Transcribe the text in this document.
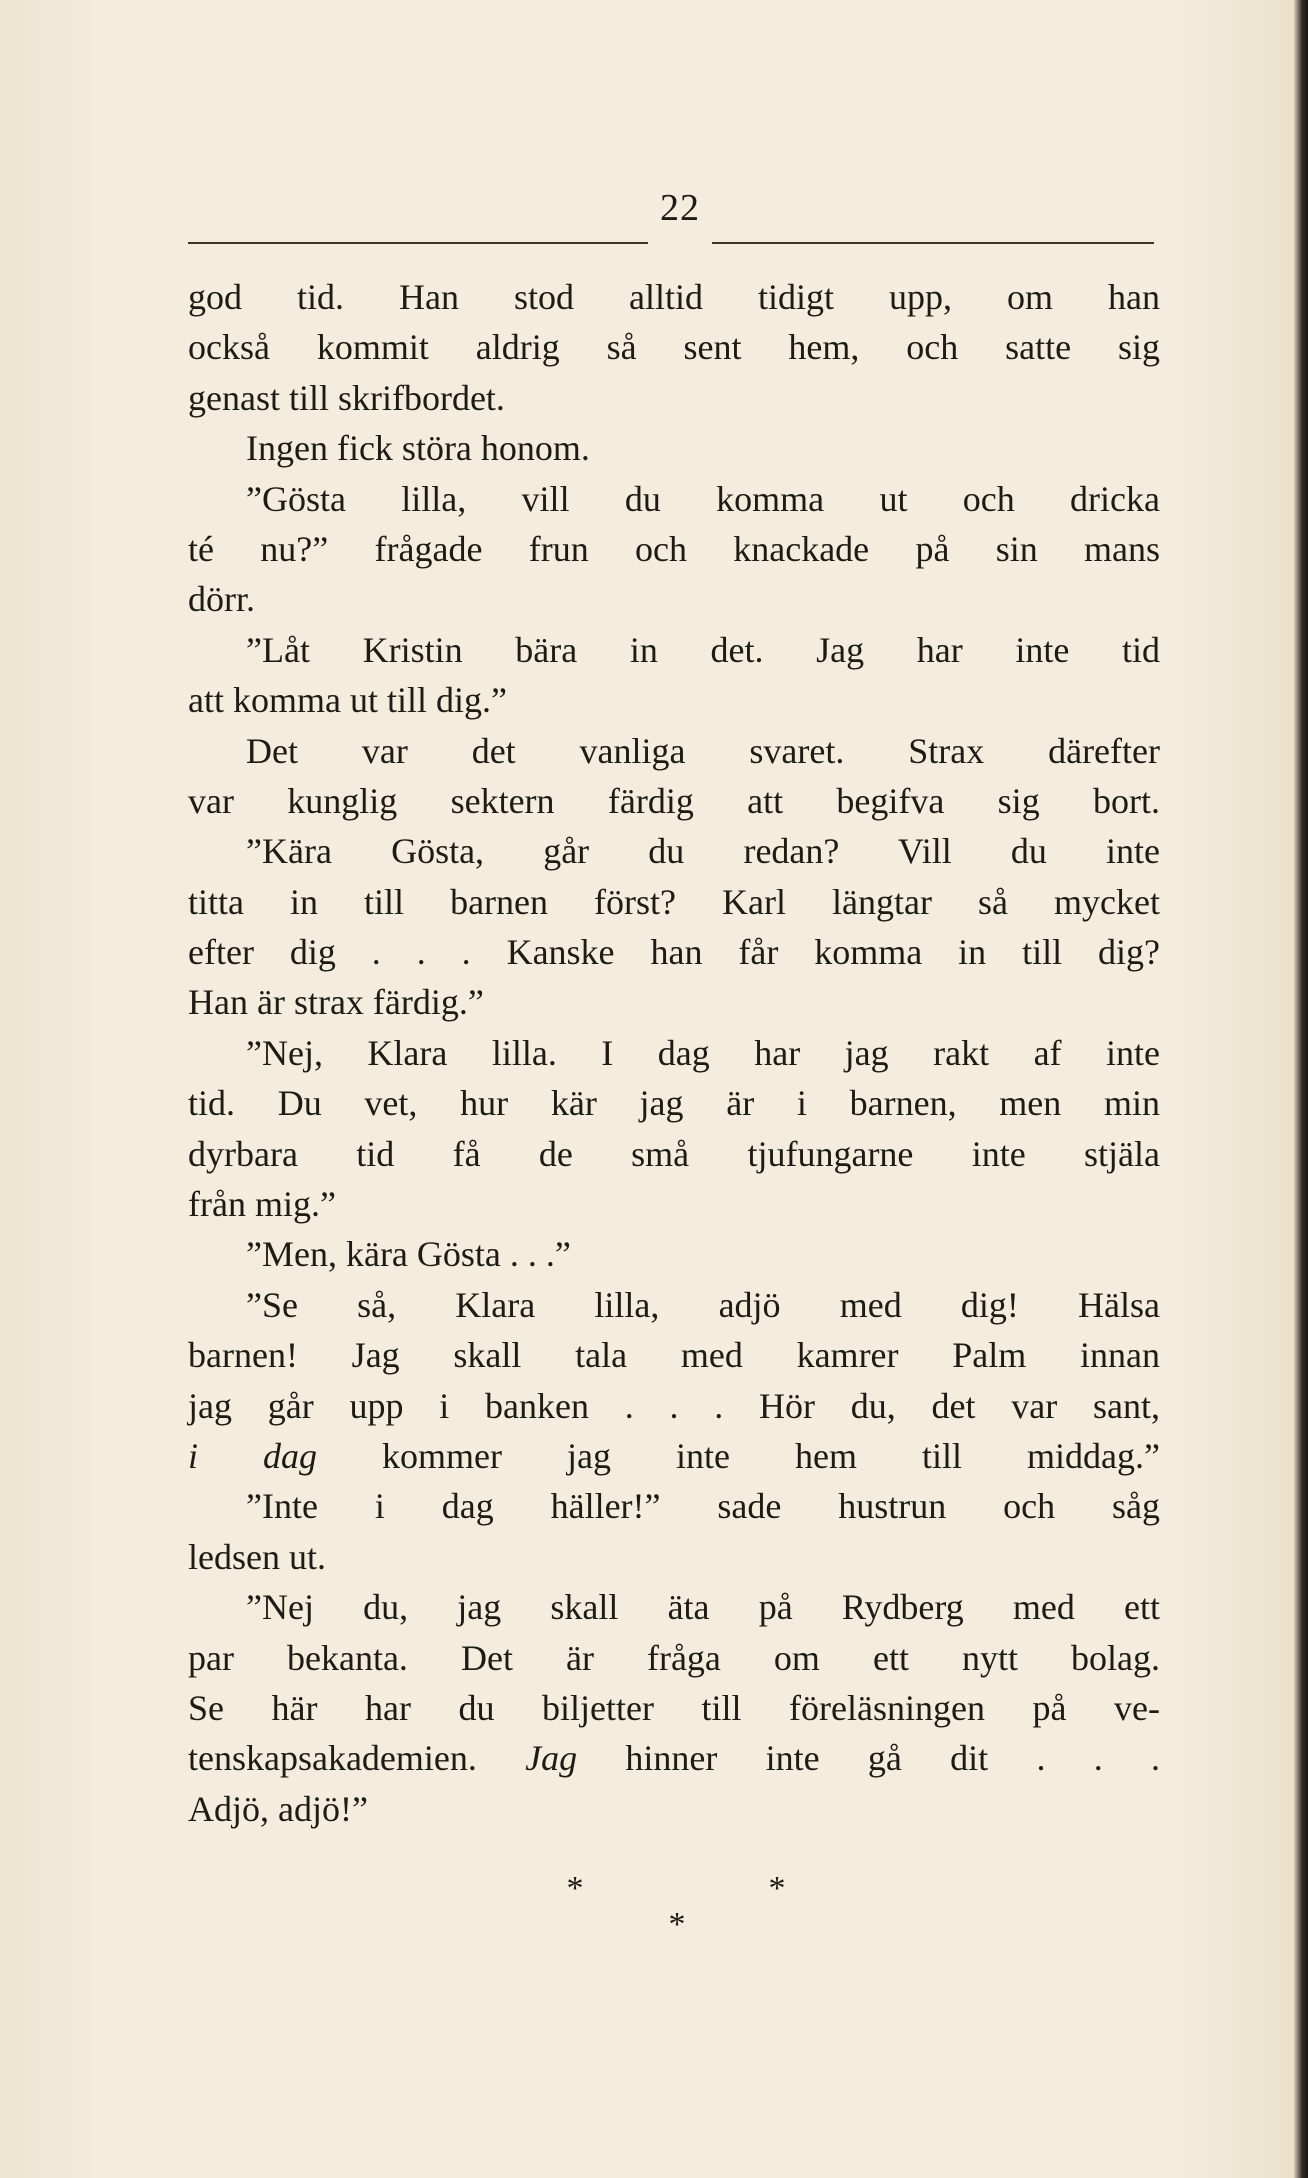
22
god tid. Han stod alltid tidigt upp, om han
också kommit aldrig så sent hem, och satte sig
genast till skrifbordet.
Ingen fick störa honom.
”Gösta lilla, vill du komma ut och dricka
té nu?” frågade frun och knackade på sin mans
dörr.
”Låt Kristin bära in det. Jag har inte tid
att komma ut till dig.”
Det var det vanliga svaret. Strax därefter
var kunglig sektern färdig att begifva sig bort.
”Kära Gösta, går du redan? Vill du inte
titta in till barnen först? Karl längtar så mycket
efter dig . . . Kanske han får komma in till dig?
Han är strax färdig.”
”Nej, Klara lilla. I dag har jag rakt af inte
tid. Du vet, hur kär jag är i barnen, men min
dyrbara tid få de små tjufungarne inte stjäla
från mig.”
”Men, kära Gösta . . .”
”Se så, Klara lilla, adjö med dig! Hälsa
barnen! Jag skall tala med kamrer Palm innan
jag går upp i banken . . . Hör du, det var sant,
i dag kommer jag inte hem till middag.”
”Inte i dag häller!” sade hustrun och såg
ledsen ut.
”Nej du, jag skall äta på Rydberg med ett
par bekanta. Det är fråga om ett nytt bolag.
Se här har du biljetter till föreläsningen på ve-
tenskapsakademien. Jag hinner inte gå dit . . .
Adjö, adjö!”
*	*
*
